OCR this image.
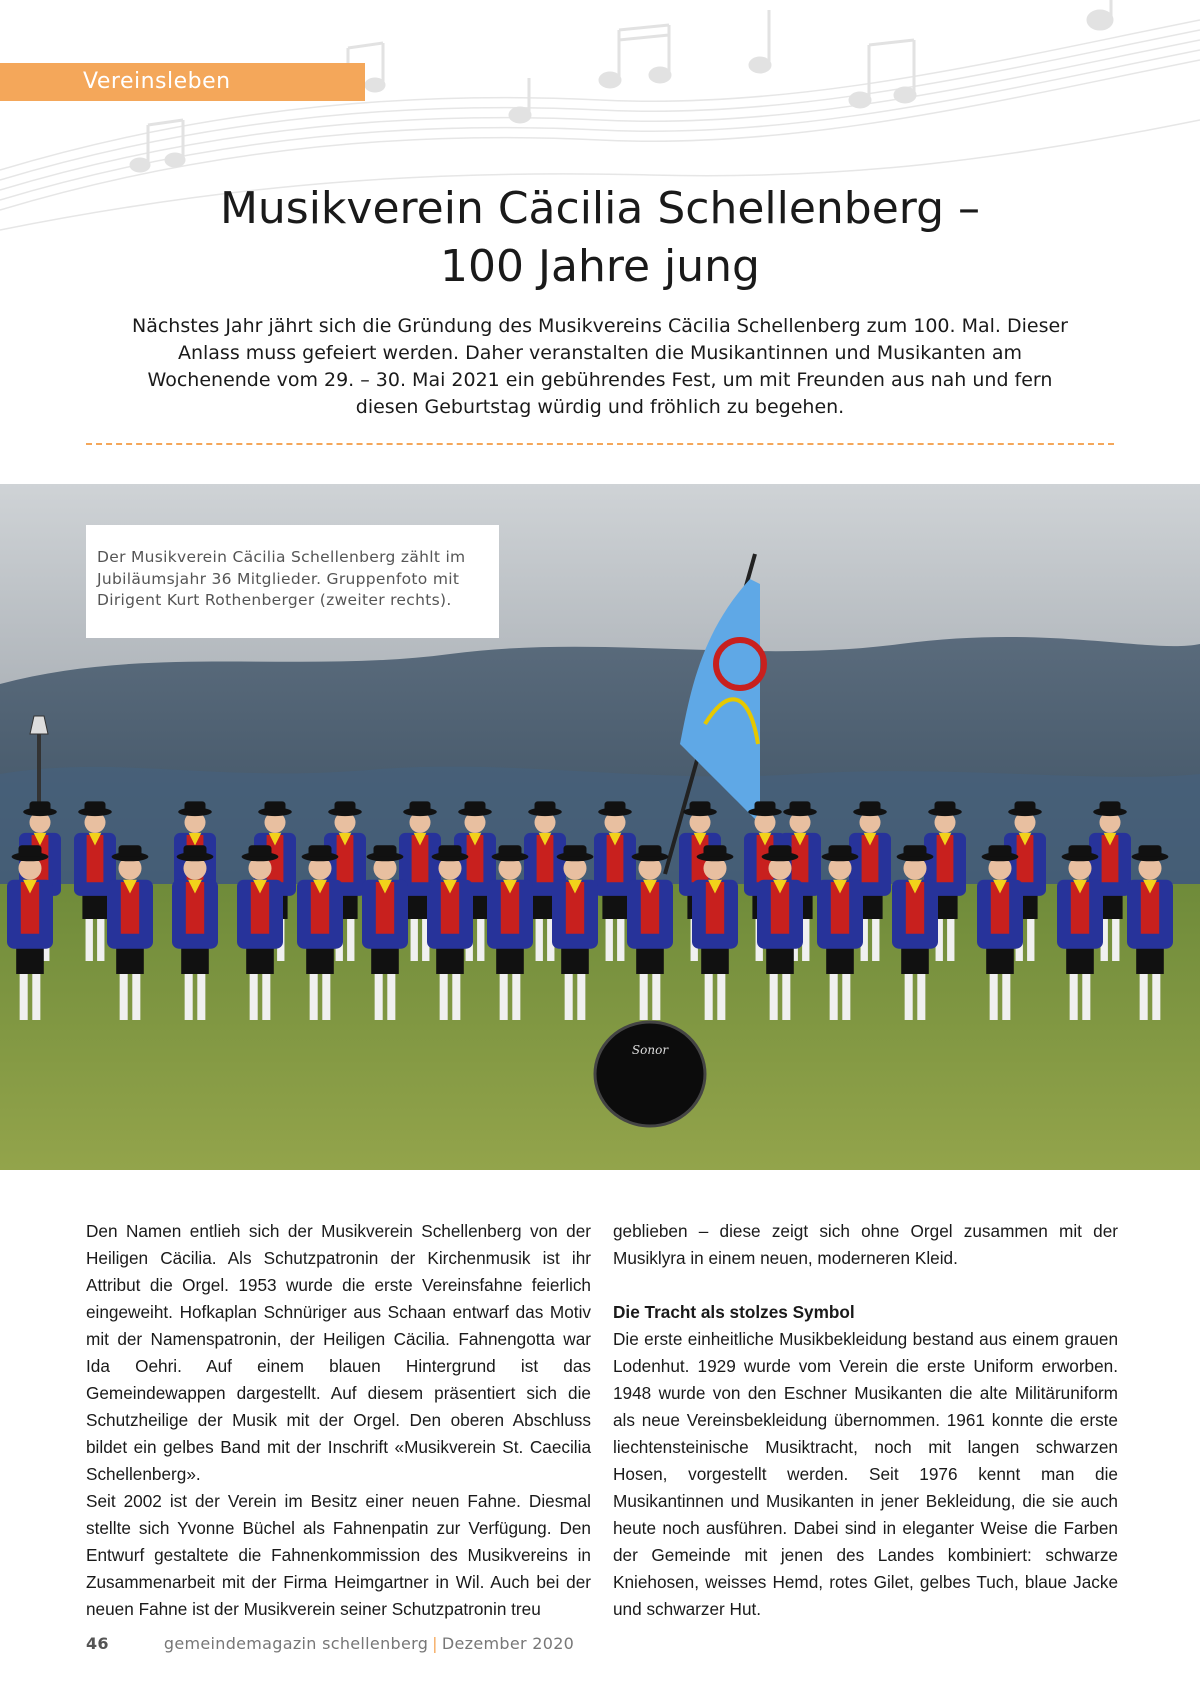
Vereinsleben
Musikverein Cäcilia Schellenberg –
100 Jahre jung

Nächstes Jahr jährt sich die Gründung des Musikvereins Cäcilia Schellenberg zum 100. Mal. Dieser Anlass muss gefeiert werden. Daher veranstalten die Musikantinnen und Musikanten am Wochenende vom 29. – 30. Mai 2021 ein gebührendes Fest, um mit Freunden aus nah und fern diesen Geburtstag würdig und fröhlich zu begehen.

Sonor
Der Musikverein Cäcilia Schellenberg zählt im Jubiläumsjahr 36 Mitglieder. Gruppenfoto mit Dirigent Kurt Rothenberger (zweiter rechts).

Den Namen entlieh sich der Musikverein Schellenberg von der Heiligen Cäcilia. Als Schutzpatronin der Kirchenmusik ist ihr Attribut die Orgel. 1953 wurde die erste Vereinsfahne feierlich eingeweiht. Hofkaplan Schnüriger aus Schaan entwarf das Motiv mit der Namenspatronin, der Heiligen Cäcilia. Fahnengotta war Ida Oehri. Auf einem blauen Hintergrund ist das Gemeindewappen dargestellt. Auf diesem präsentiert sich die Schutzheilige der Musik mit der Orgel. Den oberen Abschluss bildet ein gelbes Band mit der Inschrift «Musikverein St. Caecilia Schellenberg».

Seit 2002 ist der Verein im Besitz einer neuen Fahne. Diesmal stellte sich Yvonne Büchel als Fahnenpatin zur Verfügung. Den Entwurf gestaltete die Fahnenkommission des Musikvereins in Zusammenarbeit mit der Firma Heimgartner in Wil. Auch bei der neuen Fahne ist der Musikverein seiner Schutzpatronin treu

geblieben – diese zeigt sich ohne Orgel zusammen mit der Musiklyra in einem neuen, moderneren Kleid.

Die Tracht als stolzes Symbol

Die erste einheitliche Musikbekleidung bestand aus einem grauen Lodenhut. 1929 wurde vom Verein die erste Uniform erworben. 1948 wurde von den Eschner Musikanten die alte Militäruniform als neue Vereinsbekleidung übernommen. 1961 konnte die erste liechtensteinische Musiktracht, noch mit langen schwarzen Hosen, vorgestellt werden. Seit 1976 kennt man die Musikantinnen und Musikanten in jener Bekleidung, die sie auch heute noch ausführen. Dabei sind in eleganter Weise die Farben der Gemeinde mit jenen des Landes kombiniert: schwarze Kniehosen, weisses Hemd, rotes Gilet, gelbes Tuch, blaue Jacke und schwarzer Hut.

46	gemeindemagazin schellenberg | Dezember 2020
